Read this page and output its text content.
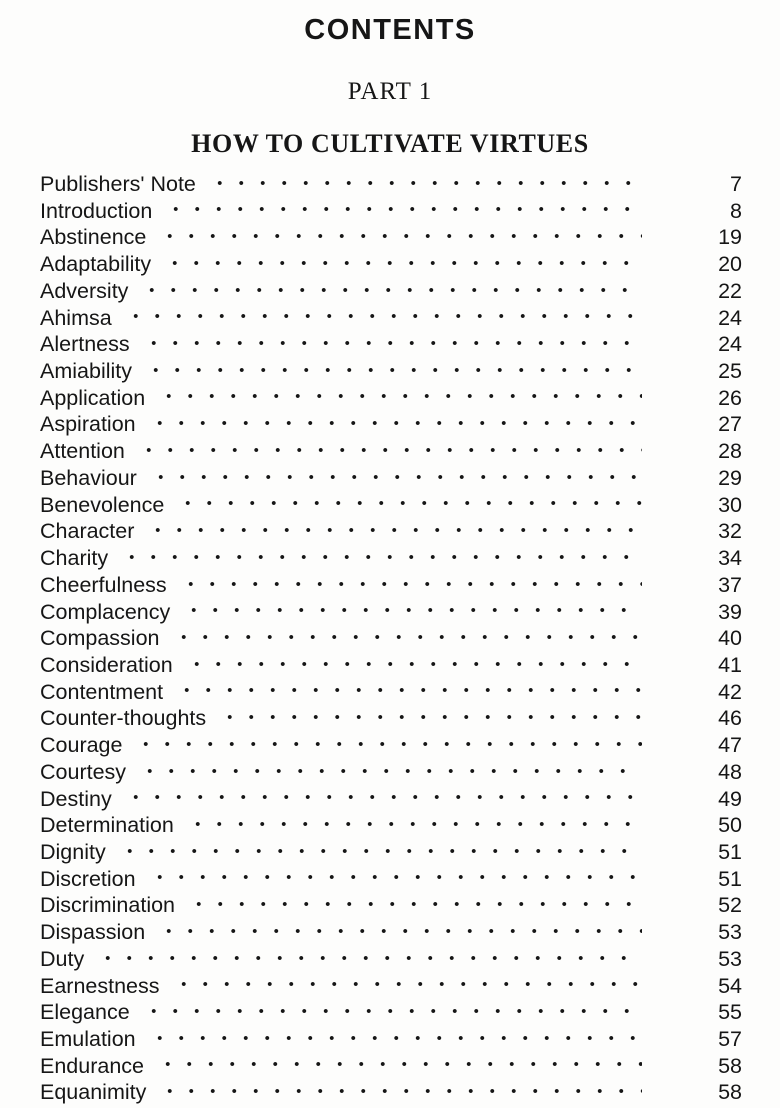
CONTENTS
PART 1
HOW TO CULTIVATE VIRTUES
Publishers' Note	7
Introduction	8
Abstinence	19
Adaptability	20
Adversity	22
Ahimsa	24
Alertness	24
Amiability	25
Application	26
Aspiration	27
Attention	28
Behaviour	29
Benevolence	30
Character	32
Charity	34
Cheerfulness	37
Complacency	39
Compassion	40
Consideration	41
Contentment	42
Counter-thoughts	46
Courage	47
Courtesy	48
Destiny	49
Determination	50
Dignity	51
Discretion	51
Discrimination	52
Dispassion	53
Duty	53
Earnestness	54
Elegance	55
Emulation	57
Endurance	58
Equanimity	58
